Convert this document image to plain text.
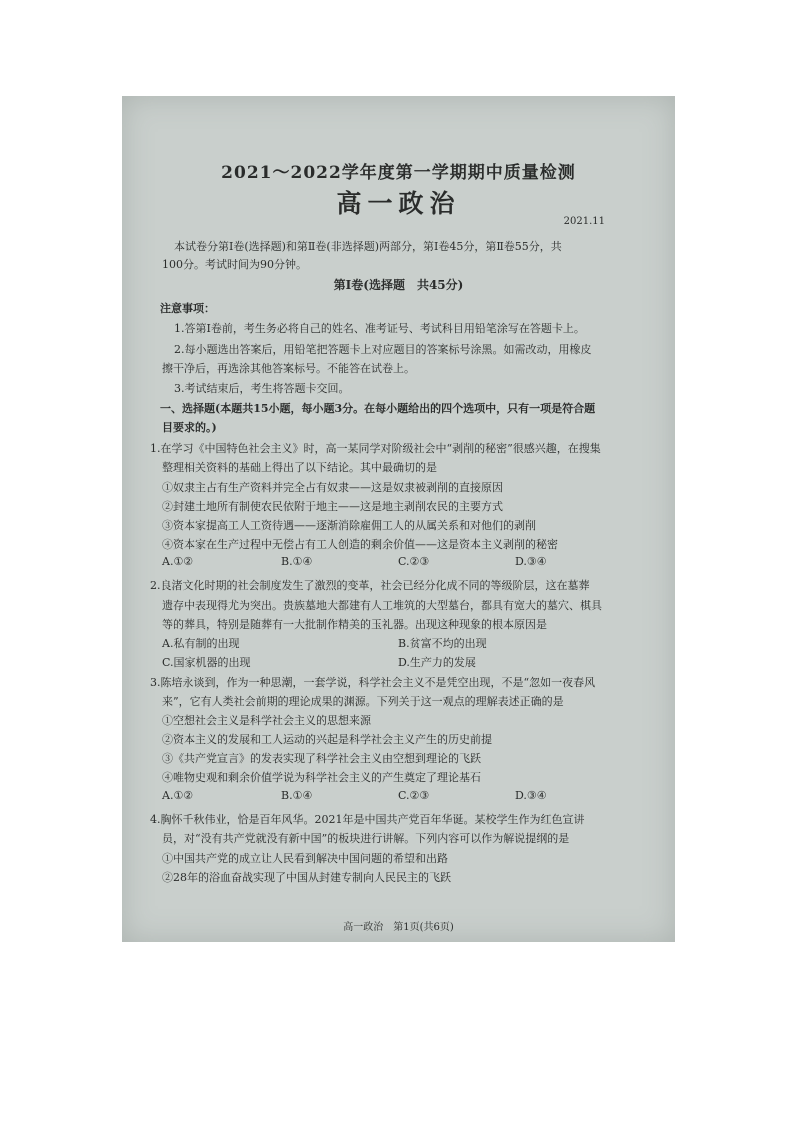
2021～2022学年度第一学期期中质量检测
高一政治
2021.11
本试卷分第Ⅰ卷(选择题)和第Ⅱ卷(非选择题)两部分，第Ⅰ卷45分，第Ⅱ卷55分，共
100分。考试时间为90分钟。
第Ⅰ卷(选择题　共45分)
注意事项：
1.答第Ⅰ卷前，考生务必将自己的姓名、准考证号、考试科目用铅笔涂写在答题卡上。
2.每小题选出答案后，用铅笔把答题卡上对应题目的答案标号涂黑。如需改动，用橡皮
擦干净后，再选涂其他答案标号。不能答在试卷上。
3.考试结束后，考生将答题卡交回。
一、选择题(本题共15小题，每小题3分。在每小题给出的四个选项中，只有一项是符合题
目要求的。)
1.在学习《中国特色社会主义》时，高一某同学对阶级社会中“剥削的秘密”很感兴趣，在搜集
整理相关资料的基础上得出了以下结论。其中最确切的是
①奴隶主占有生产资料并完全占有奴隶——这是奴隶被剥削的直接原因
②封建土地所有制使农民依附于地主——这是地主剥削农民的主要方式
③资本家提高工人工资待遇——逐渐消除雇佣工人的从属关系和对他们的剥削
④资本家在生产过程中无偿占有工人创造的剩余价值——这是资本主义剥削的秘密
A.①②	B.①④	C.②③	D.③④
2.良渚文化时期的社会制度发生了激烈的变革，社会已经分化成不同的等级阶层，这在墓葬
遗存中表现得尤为突出。贵族墓地大都建有人工堆筑的大型墓台，都具有宽大的墓穴、棋具
等的葬具，特别是随葬有一大批制作精美的玉礼器。出现这种现象的根本原因是
A.私有制的出现	B.贫富不均的出现
C.国家机器的出现	D.生产力的发展
3.陈培永谈到，作为一种思潮，一套学说，科学社会主义不是凭空出现，不是“忽如一夜春风
来”，它有人类社会前期的理论成果的渊源。下列关于这一观点的理解表述正确的是
①空想社会主义是科学社会主义的思想来源
②资本主义的发展和工人运动的兴起是科学社会主义产生的历史前提
③《共产党宣言》的发表实现了科学社会主义由空想到理论的飞跃
④唯物史观和剩余价值学说为科学社会主义的产生奠定了理论基石
A.①②	B.①④	C.②③	D.③④
4.胸怀千秋伟业，恰是百年风华。2021年是中国共产党百年华诞。某校学生作为红色宣讲
员，对“没有共产党就没有新中国”的板块进行讲解。下列内容可以作为解说提纲的是
①中国共产党的成立让人民看到解决中国问题的希望和出路
②28年的浴血奋战实现了中国从封建专制向人民民主的飞跃
高一政治　第1页(共6页)
